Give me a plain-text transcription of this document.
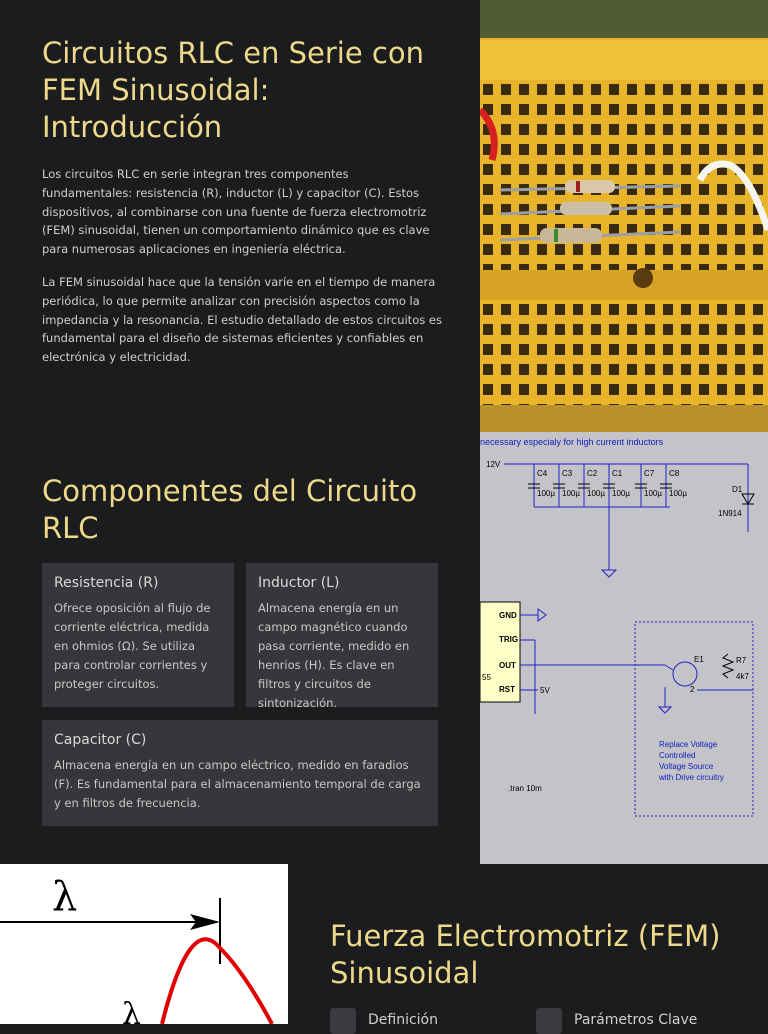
Circuitos RLC en Serie con FEM Sinusoidal: Introducción

Los circuitos RLC en serie integran tres componentes fundamentales: resistencia (R), inductor (L) y capacitor (C). Estos dispositivos, al combinarse con una fuente de fuerza electromotriz (FEM) sinusoidal, tienen un comportamiento dinámico que es clave para numerosas aplicaciones en ingeniería eléctrica.

La FEM sinusoidal hace que la tensión varíe en el tiempo de manera periódica, lo que permite analizar con precisión aspectos como la impedancia y la resonancia. El estudio detallado de estos circuitos es fundamental para el diseño de sistemas eficientes y confiables en electrónica y electricidad.

necessary especialy for high current inductors
12V
C4 C3 C2 C1	C7 C8
100µ 100µ 100µ 100µ 100µ 100µ	D1
1N914
GND
TRIG
OUT
55
RST	5V
E1
2
R7
4k7
Replace Voltage
Controlled
Voltage Source
with Drive circuitry
.tran 10m
Componentes del Circuito RLC

Resistencia (R)

Ofrece oposición al flujo de corriente eléctrica, medida en ohmios (Ω). Se utiliza para controlar corrientes y proteger circuitos.

Inductor (L)

Almacena energía en un campo magnético cuando pasa corriente, medido en henrios (H). Es clave en filtros y circuitos de sintonización.

Capacitor (C)

Almacena energía en un campo eléctrico, medido en faradios (F). Es fundamental para el almacenamiento temporal de carga y en filtros de frecuencia.

λ
λ
Fuerza Electromotriz (FEM) Sinusoidal
Definición	Parámetros Clave
